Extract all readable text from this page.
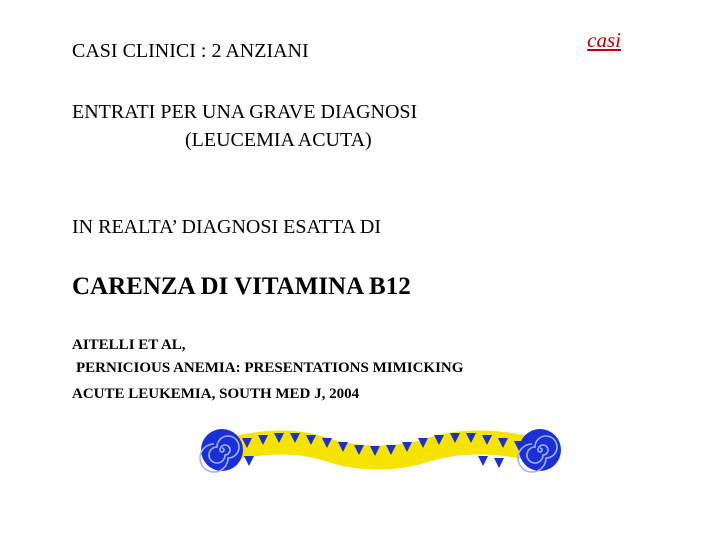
casi
CASI CLINICI : 2 ANZIANI
ENTRATI PER UNA GRAVE DIAGNOSI
(LEUCEMIA ACUTA)
IN REALTA’ DIAGNOSI ESATTA DI
CARENZA DI VITAMINA B12
AITELLI ET AL,
PERNICIOUS ANEMIA: PRESENTATIONS MIMICKING
ACUTE LEUKEMIA, SOUTH MED J, 2004
